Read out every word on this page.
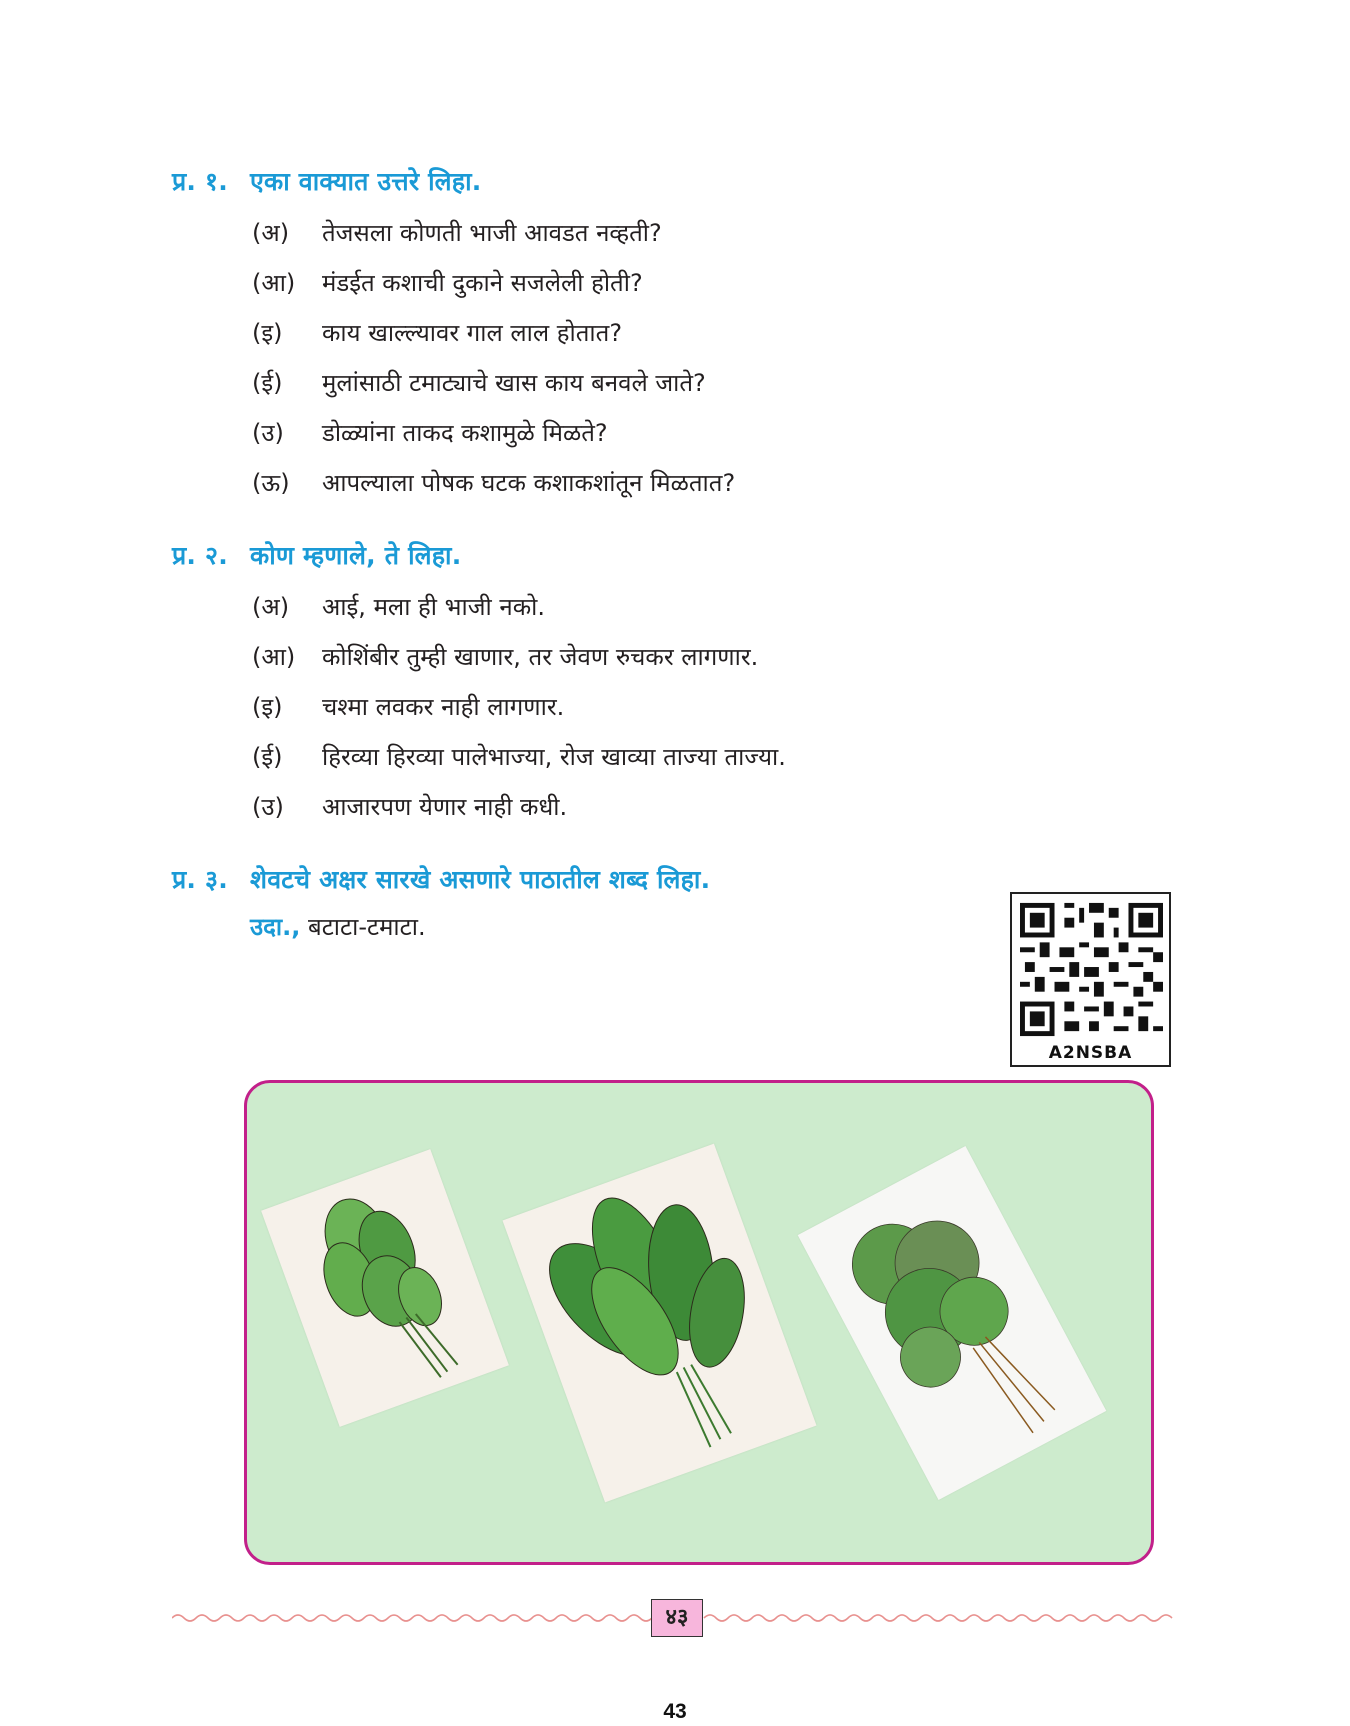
प्र. १. एका वाक्यात उत्तरे लिहा.
(अ) तेजसला कोणती भाजी आवडत नव्हती?
(आ) मंडईत कशाची दुकाने सजलेली होती?
(इ) काय खाल्ल्यावर गाल लाल होतात?
(ई) मुलांसाठी टमाट्याचे खास काय बनवले जाते?
(उ) डोळ्यांना ताकद कशामुळे मिळते?
(ऊ) आपल्याला पोषक घटक कशाकशांतून मिळतात?
प्र. २. कोण म्हणाले, ते लिहा.
(अ) आई, मला ही भाजी नको.
(आ) कोशिंबीर तुम्ही खाणार, तर जेवण रुचकर लागणार.
(इ) चश्मा लवकर नाही लागणार.
(ई) हिरव्या हिरव्या पालेभाज्या, रोज खाव्या ताज्या ताज्या.
(उ) आजारपण येणार नाही कधी.
प्र. ३. शेवटचे अक्षर सारखे असणारे पाठातील शब्द लिहा.
उदा., बटाटा-टमाटा.
A2NSBA
४३
43
